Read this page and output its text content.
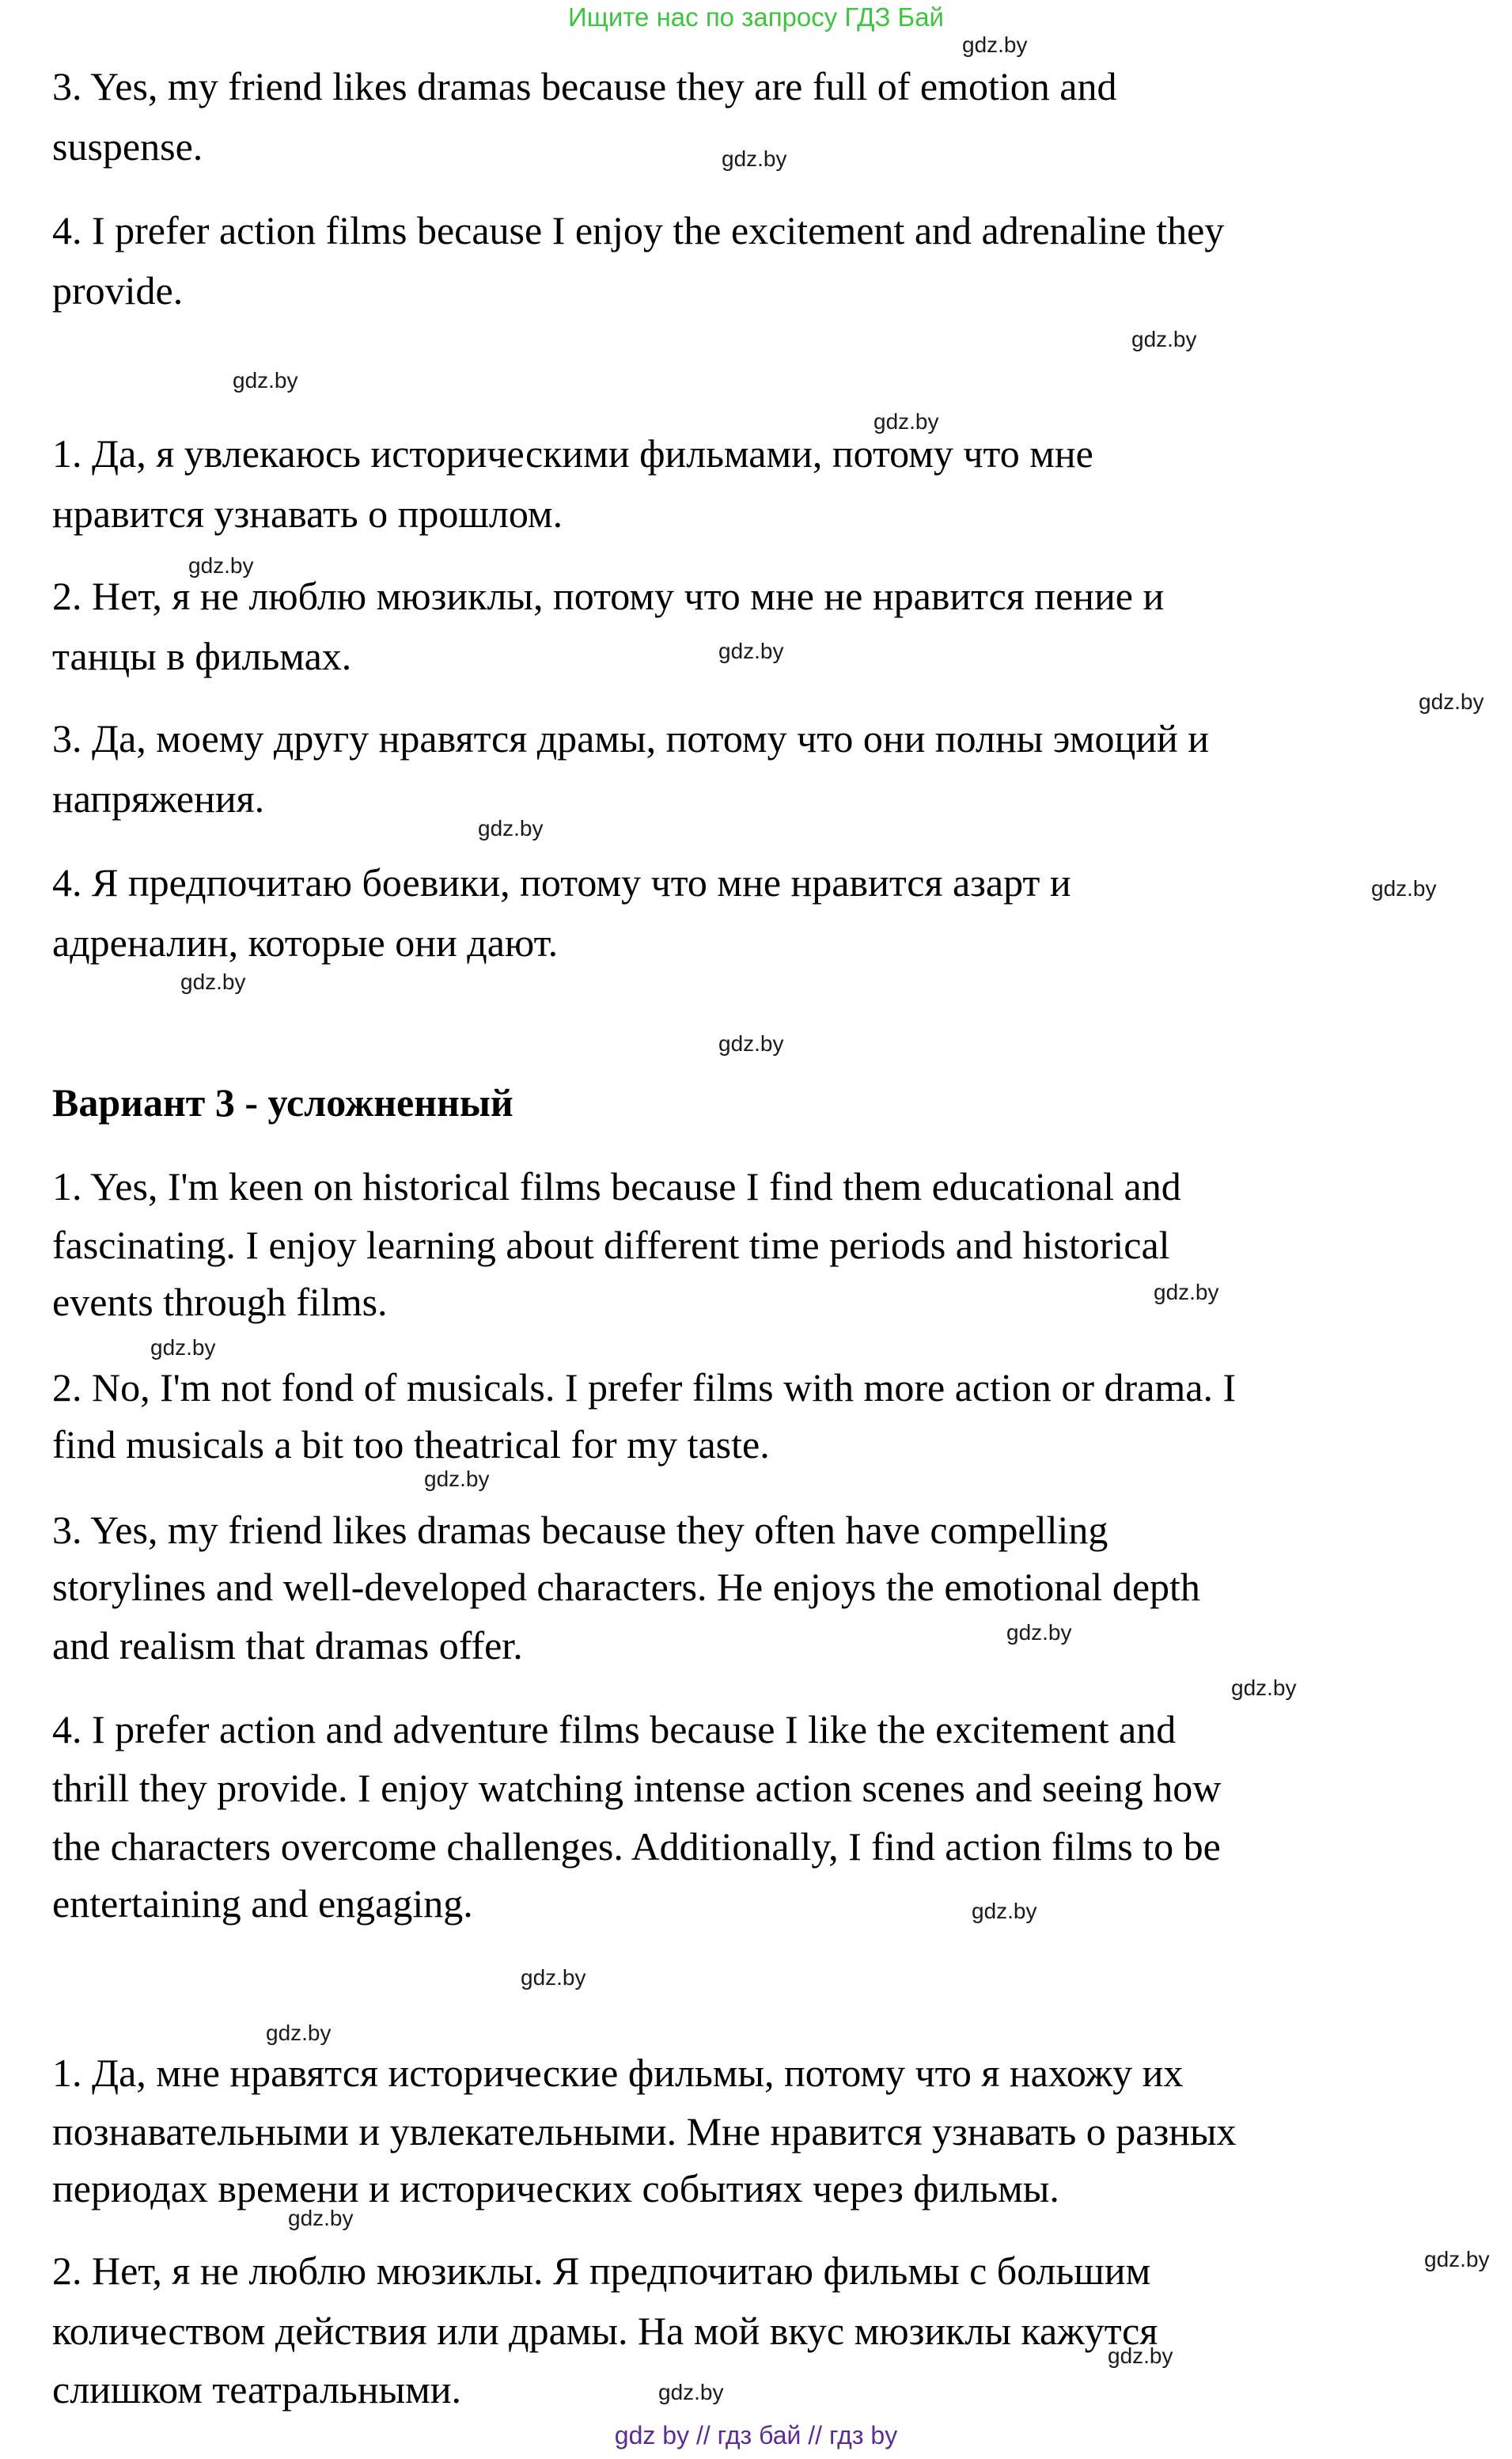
Ищите нас по запросу ГДЗ Бай
gdz.by
gdz.by
gdz.by
gdz.by
gdz.by
gdz.by
gdz.by
gdz.by
gdz.by
gdz.by
gdz.by
gdz.by
gdz.by
gdz.by
gdz.by
gdz.by
gdz.by
gdz.by
gdz.by
gdz.by
gdz.by
gdz.by
gdz.by
gdz.by
3. Yes, my friend likes dramas because they are full of emotion and
suspense.
4. I prefer action films because I enjoy the excitement and adrenaline they
provide.
1. Да, я увлекаюсь историческими фильмами, потому что мне
нравится узнавать о прошлом.
2. Нет, я не люблю мюзиклы, потому что мне не нравится пение и
танцы в фильмах.
3. Да, моему другу нравятся драмы, потому что они полны эмоций и
напряжения.
4. Я предпочитаю боевики, потому что мне нравится азарт и
адреналин, которые они дают.
Вариант 3 - усложненный
1. Yes, I'm keen on historical films because I find them educational and
fascinating. I enjoy learning about different time periods and historical
events through films.
2. No, I'm not fond of musicals. I prefer films with more action or drama. I
find musicals a bit too theatrical for my taste.
3. Yes, my friend likes dramas because they often have compelling
storylines and well-developed characters. He enjoys the emotional depth
and realism that dramas offer.
4. I prefer action and adventure films because I like the excitement and
thrill they provide. I enjoy watching intense action scenes and seeing how
the characters overcome challenges. Additionally, I find action films to be
entertaining and engaging.
1. Да, мне нравятся исторические фильмы, потому что я нахожу их
познавательными и увлекательными. Мне нравится узнавать о разных
периодах времени и исторических событиях через фильмы.
2. Нет, я не люблю мюзиклы. Я предпочитаю фильмы с большим
количеством действия или драмы. На мой вкус мюзиклы кажутся
слишком театральными.
gdz by // гдз бай // гдз by
